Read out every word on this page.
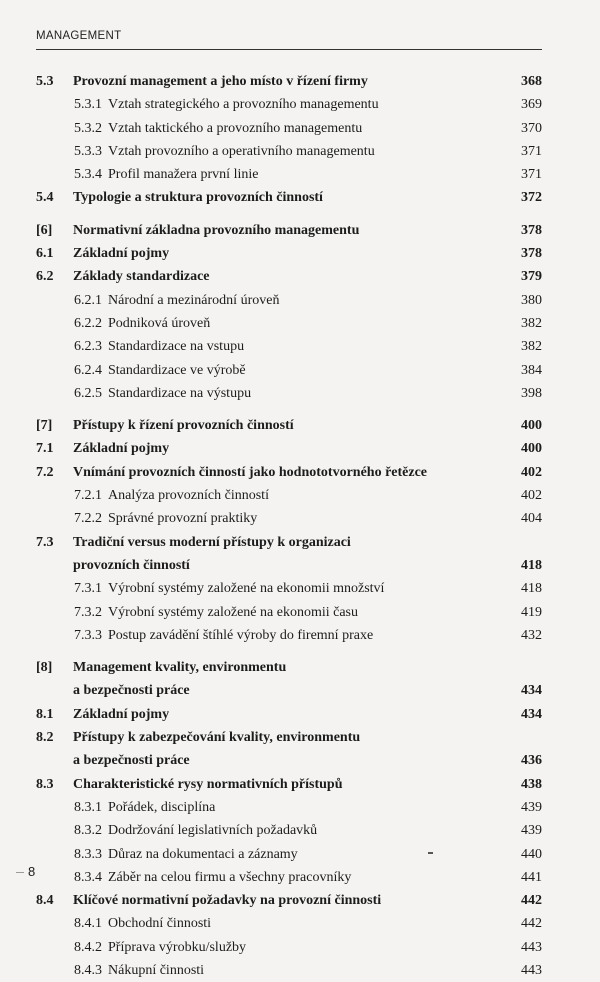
MANAGEMENT
5.3	Provozní management a jeho místo v řízení firmy	368
5.3.1 Vztah strategického a provozního managementu	369
5.3.2 Vztah taktického a provozního managementu	370
5.3.3 Vztah provozního a operativního managementu	371
5.3.4 Profil manažera první linie	371
5.4	Typologie a struktura provozních činností	372
[6]	Normativní základna provozního managementu	378
6.1	Základní pojmy	378
6.2	Základy standardizace	379
6.2.1 Národní a mezinárodní úroveň	380
6.2.2 Podniková úroveň	382
6.2.3 Standardizace na vstupu	382
6.2.4 Standardizace ve výrobě	384
6.2.5 Standardizace na výstupu	398
[7]	Přístupy k řízení provozních činností	400
7.1	Základní pojmy	400
7.2	Vnímání provozních činností jako hodnototvorného řetězce	402
7.2.1 Analýza provozních činností	402
7.2.2 Správné provozní praktiky	404
7.3	Tradiční versus moderní přístupy k organizaci
provozních činností	418
7.3.1 Výrobní systémy založené na ekonomii množství	418
7.3.2 Výrobní systémy založené na ekonomii času	419
7.3.3 Postup zavádění štíhlé výroby do firemní praxe	432
[8]	Management kvality, environmentu
a bezpečnosti práce	434
8.1	Základní pojmy	434
8.2	Přístupy k zabezpečování kvality, environmentu
a bezpečnosti práce	436
8.3	Charakteristické rysy normativních přístupů	438
8.3.1 Pořádek, disciplína	439
8.3.2 Dodržování legislativních požadavků	439
8.3.3 Důraz na dokumentaci a záznamy	440
8.3.4 Záběr na celou firmu a všechny pracovníky	441
8.4	Klíčové normativní požadavky na provozní činnosti	442
8.4.1 Obchodní činnosti	442
8.4.2 Příprava výrobku/služby	443
8.4.3 Nákupní činnosti	443
8
